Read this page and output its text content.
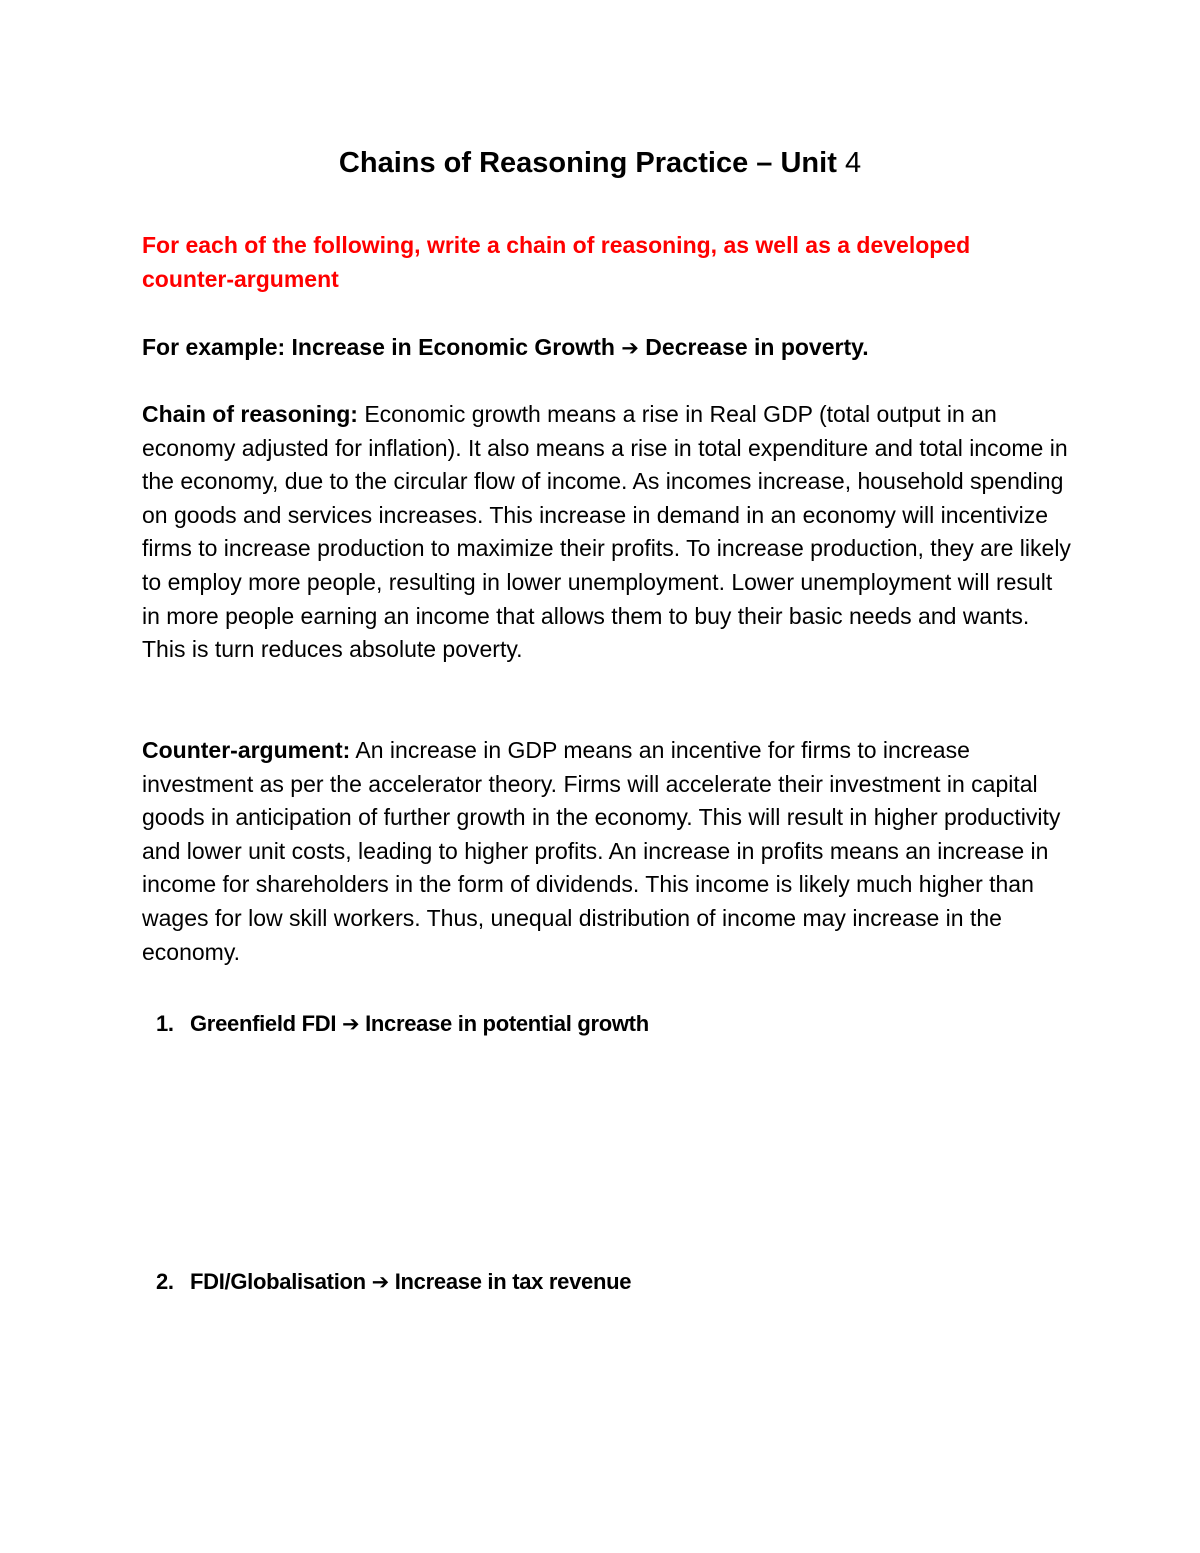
Chains of Reasoning Practice – Unit 4
For each of the following, write a chain of reasoning, as well as a developed counter-argument
For example: Increase in Economic Growth ➔ Decrease in poverty.
Chain of reasoning: Economic growth means a rise in Real GDP (total output in an economy adjusted for inflation). It also means a rise in total expenditure and total income in the economy, due to the circular flow of income. As incomes increase, household spending on goods and services increases. This increase in demand in an economy will incentivize firms to increase production to maximize their profits. To increase production, they are likely to employ more people, resulting in lower unemployment. Lower unemployment will result in more people earning an income that allows them to buy their basic needs and wants. This is turn reduces absolute poverty.
Counter-argument: An increase in GDP means an incentive for firms to increase investment as per the accelerator theory. Firms will accelerate their investment in capital goods in anticipation of further growth in the economy. This will result in higher productivity and lower unit costs, leading to higher profits. An increase in profits means an increase in income for shareholders in the form of dividends. This income is likely much higher than wages for low skill workers. Thus, unequal distribution of income may increase in the economy.
1. Greenfield FDI ➔ Increase in potential growth
2. FDI/Globalisation ➔ Increase in tax revenue
